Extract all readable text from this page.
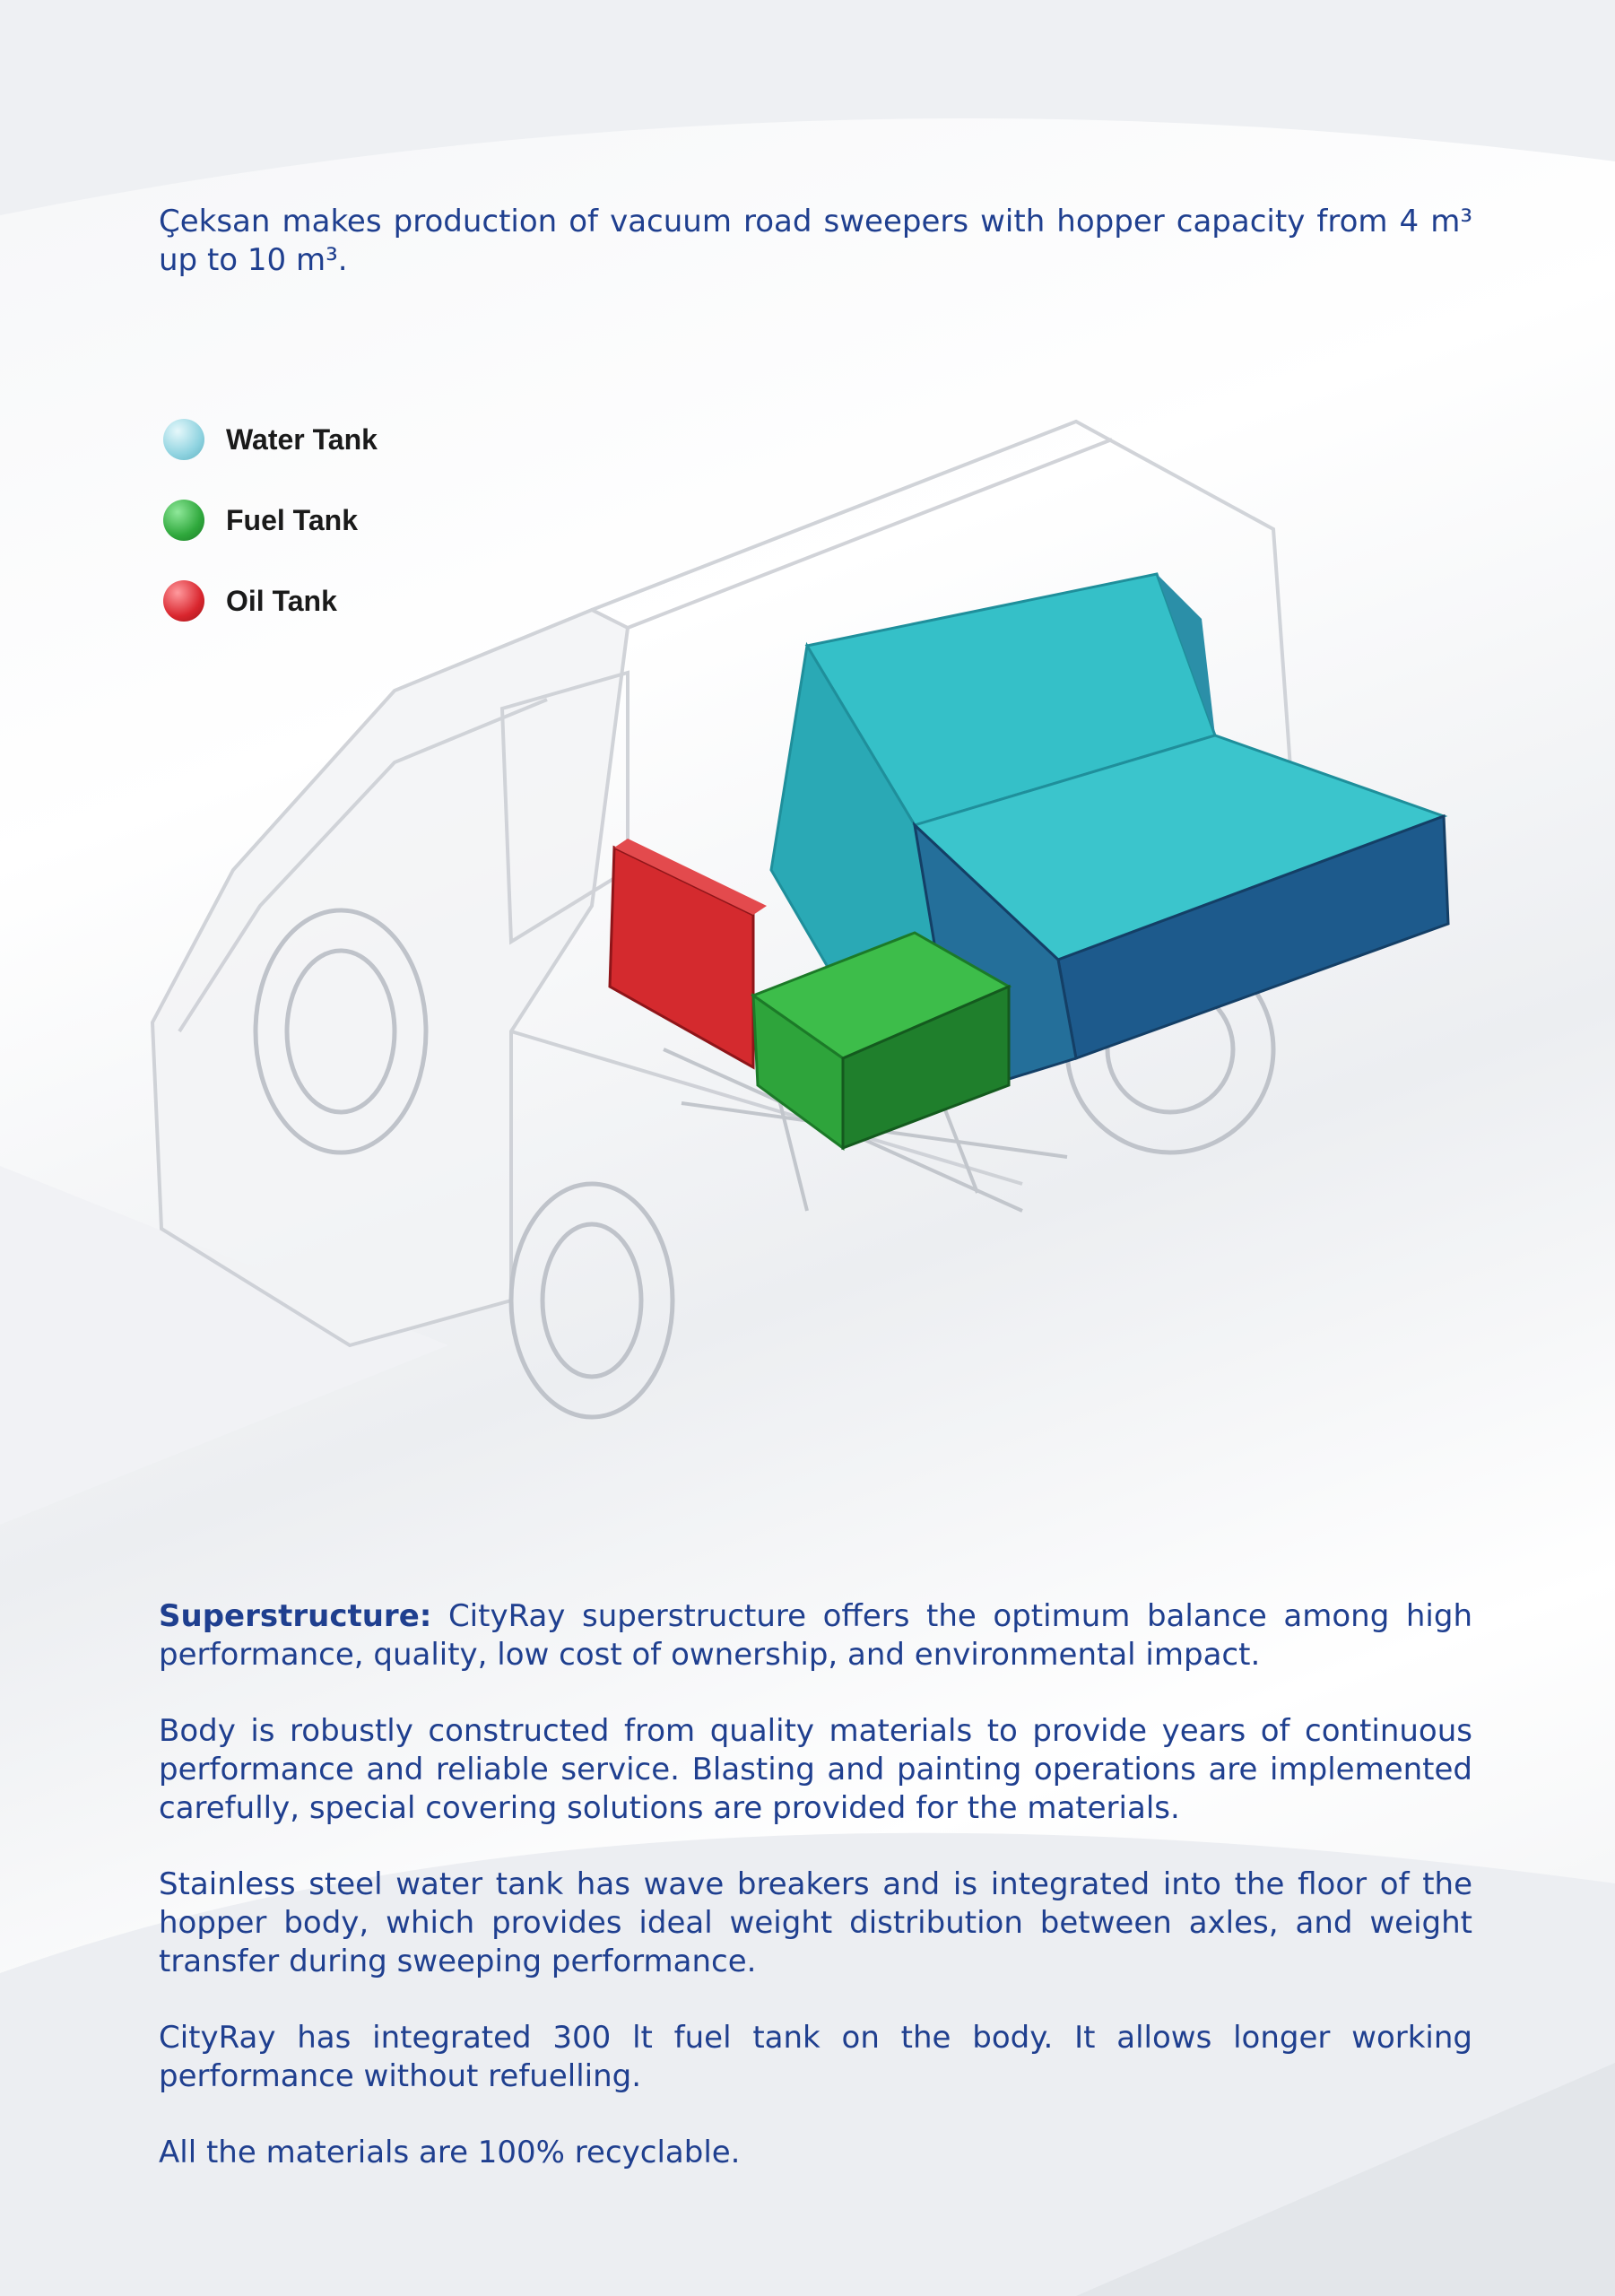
Çeksan makes production of vacuum road sweepers with hopper capacity from 4 m³ up to 10 m³.

Water Tank
Fuel Tank
Oil Tank

Superstructure: CityRay superstructure offers the optimum balance among high performance, quality, low cost of ownership, and environmental impact.

Body is robustly constructed from quality materials to provide years of continuous performance and reliable service. Blasting and painting operations are implemented carefully, special covering solutions are provided for the materials.

Stainless steel water tank has wave breakers and is integrated into the floor of the hopper body, which provides ideal weight distribution between axles, and weight transfer during sweeping performance.

CityRay has integrated 300 lt fuel tank on the body. It allows longer working performance without refuelling.

All the materials are 100% recyclable.
